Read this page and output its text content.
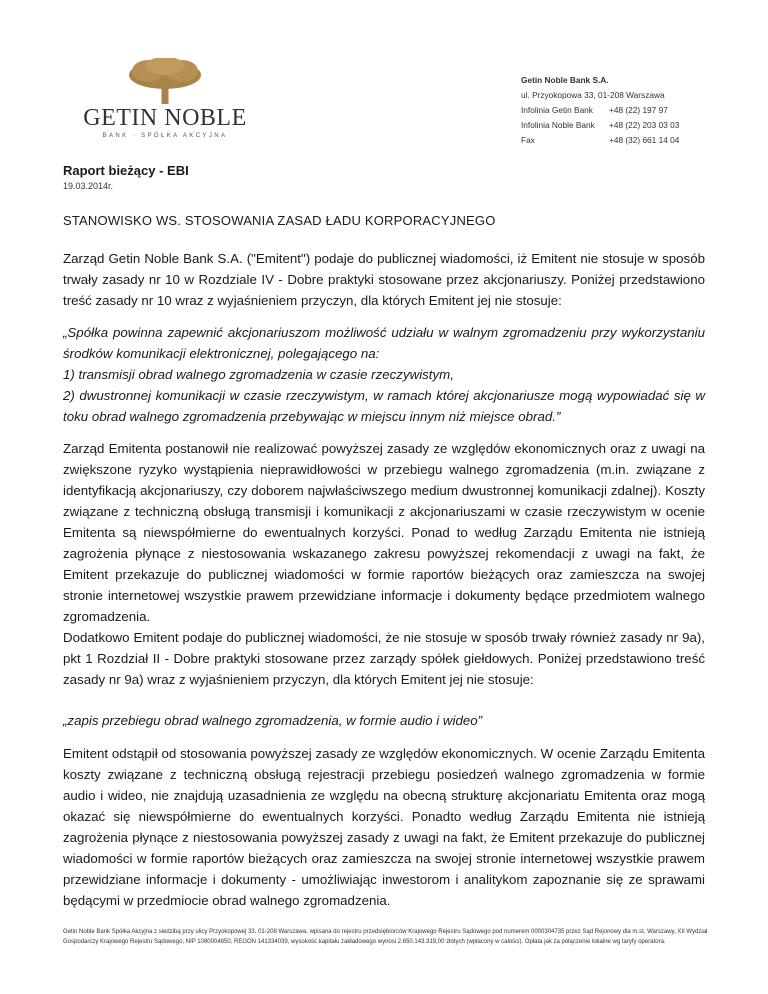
GETIN NOBLE
BANK · SPÓŁKA AKCYJNA
Getin Noble Bank S.A.
ul. Przyokopowa 33, 01-208 Warszawa
Infolinia Getin Bank	+48 (22) 197 97
Infolinia Noble Bank	+48 (22) 203 03 03
Fax	+48 (32) 661 14 04
Raport bieżący - EBI
19.03.2014r.
STANOWISKO WS. STOSOWANIA ZASAD ŁADU KORPORACYJNEGO

Zarząd Getin Noble Bank S.A. ("Emitent") podaje do publicznej wiadomości, iż Emitent nie stosuje w sposób trwały zasady nr 10 w Rozdziale IV - Dobre praktyki stosowane przez akcjonariuszy. Poniżej przedstawiono treść zasady nr 10 wraz z wyjaśnieniem przyczyn, dla których Emitent jej nie stosuje:

„Spółka powinna zapewnić akcjonariuszom możliwość udziału w walnym zgromadzeniu przy wykorzystaniu środków komunikacji elektronicznej, polegającego na:
1) transmisji obrad walnego zgromadzenia w czasie rzeczywistym,
2) dwustronnej komunikacji w czasie rzeczywistym, w ramach której akcjonariusze mogą wypowiadać się w toku obrad walnego zgromadzenia przebywając w miejscu innym niż miejsce obrad.”

Zarząd Emitenta postanowił nie realizować powyższej zasady ze względów ekonomicznych oraz z uwagi na zwiększone ryzyko wystąpienia nieprawidłowości w przebiegu walnego zgromadzenia (m.in. związane z identyfikacją akcjonariuszy, czy doborem najwłaściwszego medium dwustronnej komunikacji zdalnej). Koszty związane z techniczną obsługą transmisji i komunikacji z akcjonariuszami w czasie rzeczywistym w ocenie Emitenta są niewspółmierne do ewentualnych korzyści. Ponad to według Zarządu Emitenta nie istnieją zagrożenia płynące z niestosowania wskazanego zakresu powyższej rekomendacji z uwagi na fakt, że Emitent przekazuje do publicznej wiadomości w formie raportów bieżących oraz zamieszcza na swojej stronie internetowej wszystkie prawem przewidziane informacje i dokumenty będące przedmiotem walnego zgromadzenia.

Dodatkowo Emitent podaje do publicznej wiadomości, że nie stosuje w sposób trwały również zasady nr 9a), pkt 1 Rozdział II - Dobre praktyki stosowane przez zarządy spółek giełdowych. Poniżej przedstawiono treść zasady nr 9a) wraz z wyjaśnieniem przyczyn, dla których Emitent jej nie stosuje:

„zapis przebiegu obrad walnego zgromadzenia, w formie audio i wideo”

Emitent odstąpił od stosowania powyższej zasady ze względów ekonomicznych. W ocenie Zarządu Emitenta koszty związane z techniczną obsługą rejestracji przebiegu posiedzeń walnego zgromadzenia w formie audio i wideo, nie znajdują uzasadnienia ze względu na obecną strukturę akcjonariatu Emitenta oraz mogą okazać się niewspółmierne do ewentualnych korzyści. Ponadto według Zarządu Emitenta nie istnieją zagrożenia płynące z niestosowania powyższej zasady z uwagi na fakt, że Emitent przekazuje do publicznej wiadomości w formie raportów bieżących oraz zamieszcza na swojej stronie internetowej wszystkie prawem przewidziane informacje i dokumenty - umożliwiając inwestorom i analitykom zapoznanie się ze sprawami będącymi w przedmiocie obrad walnego zgromadzenia.

Getin Noble Bank Spółka Akcyjna z siedzibą przy ulicy Przyokopowej 33, 01-208 Warszawa, wpisana do rejestru przedsiębiorców Krajowego Rejestru Sądowego pod numerem 0000304735 przez Sąd Rejonowy dla m.st. Warszawy, XII Wydział Gospodarczy Krajowego Rejestru Sądowego, NIP 1080004850, REGON 141334039, wysokość kapitału zakładowego wynosi 2.650.143.319,00 złotych (wpłacony w całości). Opłata jak za połączenie lokalne wg taryfy operatora.
